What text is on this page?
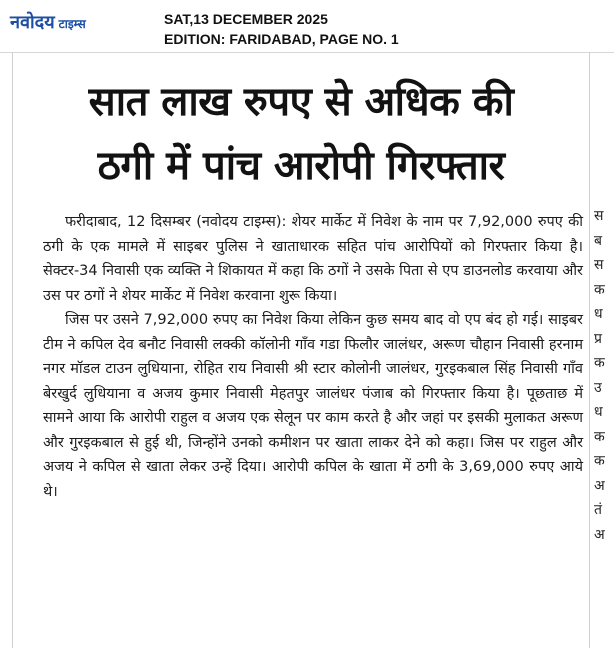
नवोदय टाइम्स	SAT,13 DECEMBER 2025
EDITION: FARIDABAD, PAGE NO. 1
सात लाख रुपए से अधिक की
ठगी में पांच आरोपी गिरफ्तार

फरीदाबाद, 12 दिसम्बर (नवोदय टाइम्स): शेयर मार्केट में निवेश के नाम पर 7,92,000 रुपए की ठगी के एक मामले में साइबर पुलिस ने खाताधारक सहित पांच आरोपियों को गिरफ्तार किया है। सेक्टर-34 निवासी एक व्यक्ति ने शिकायत में कहा कि ठगों ने उसके पिता से एप डाउनलोड करवाया और उस पर ठगों ने शेयर मार्केट में निवेश करवाना शुरू किया।

जिस पर उसने 7,92,000 रुपए का निवेश किया लेकिन कुछ समय बाद वो एप बंद हो गई। साइबर टीम ने कपिल देव बनौट निवासी लक्की कॉलोनी गॉंव गडा फिलौर जालंधर, अरूण चौहान निवासी हरनाम नगर मॉडल टाउन लुधियाना, रोहित राय निवासी श्री स्टार कोलोनी जालंधर, गुरइकबाल सिंह निवासी गॉंव बेरखुर्द लुधियाना व अजय कुमार निवासी मेहतपुर जालंधर पंजाब को गिरफ्तार किया है। पूछताछ में सामने आया कि आरोपी राहुल व अजय एक सेलून पर काम करते है और जहां पर इसकी मुलाकत अरूण और गुरइकबाल से हुई थी, जिन्होंने उनको कमीशन पर खाता लाकर देने को कहा। जिस पर राहुल और अजय ने कपिल से खाता लेकर उन्हें दिया। आरोपी कपिल के खाता में ठगी के 3,69,000 रुपए आये थे।

स
ब
स
क
ध
प्र
क
उ
ध
क
क
अ
तं
अ
